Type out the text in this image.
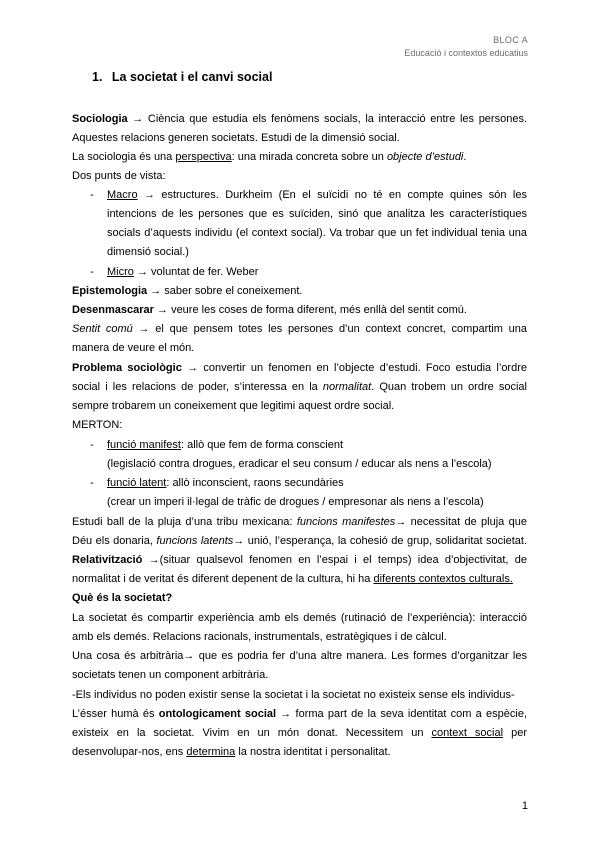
BLOC A
Educació i contextos educatius
1. La societat i el canvi social
Sociologia → Ciència que estudia els fenòmens socials, la interacció entre les persones.
Aquestes relacions generen societats. Estudi de la dimensió social.
La sociologia és una perspectiva: una mirada concreta sobre un objecte d’estudi.
Dos punts de vista:
- Macro → estructures. Durkheim (En el suïcidi no té en compte quines són les
intencions de les persones que es suïciden, sinó que analitza les característiques
socials d’aquests individu (el context social). Va trobar que un fet individual tenia una
dimensió social.)
- Micro → voluntat de fer. Weber
Epistemologia → saber sobre el coneixement.
Desenmascarar → veure les coses de forma diferent, més enllà del sentit comú.
Sentit comú → el que pensem totes les persones d’un context concret, compartim una
manera de veure el món.
Problema sociològic → convertir un fenomen en l’objecte d’estudi. Foco estudia l’ordre
social i les relacions de poder, s’interessa en la normalitat. Quan trobem un ordre social
sempre trobarem un coneixement que legitimi aquest ordre social.
MERTON:
- funció manifest: allò que fem de forma conscient
(legislació contra drogues, eradicar el seu consum / educar als nens a l’escola)
- funció latent: allò inconscient, raons secundàries
(crear un imperi il·legal de tràfic de drogues / empresonar als nens a l’escola)
Estudi ball de la pluja d’una tribu mexicana: funcions manifestes→ necessitat de pluja que
Déu els donaria, funcions latents→ unió, l’esperança, la cohesió de grup, solidaritat societat.
Relativització →(situar qualsevol fenomen en l’espai i el temps) idea d’objectivitat, de
normalitat i de veritat és diferent depenent de la cultura, hi ha diferents contextos culturals.
Què és la societat?
La societat és compartir experiència amb els demés (rutinació de l’experiència): interacció
amb els demés. Relacions racionals, instrumentals, estratègiques i de càlcul.
Una cosa és arbitrària→ que es podria fer d’una altre manera. Les formes d’organitzar les
societats tenen un component arbitrària.
-Els individus no poden existir sense la societat i la societat no existeix sense els individus-
L’ésser humà és ontologicament social → forma part de la seva identitat com a espècie,
existeix en la societat. Vivim en un món donat. Necessitem un context social per
desenvolupar-nos, ens determina la nostra identitat i personalitat.
1
